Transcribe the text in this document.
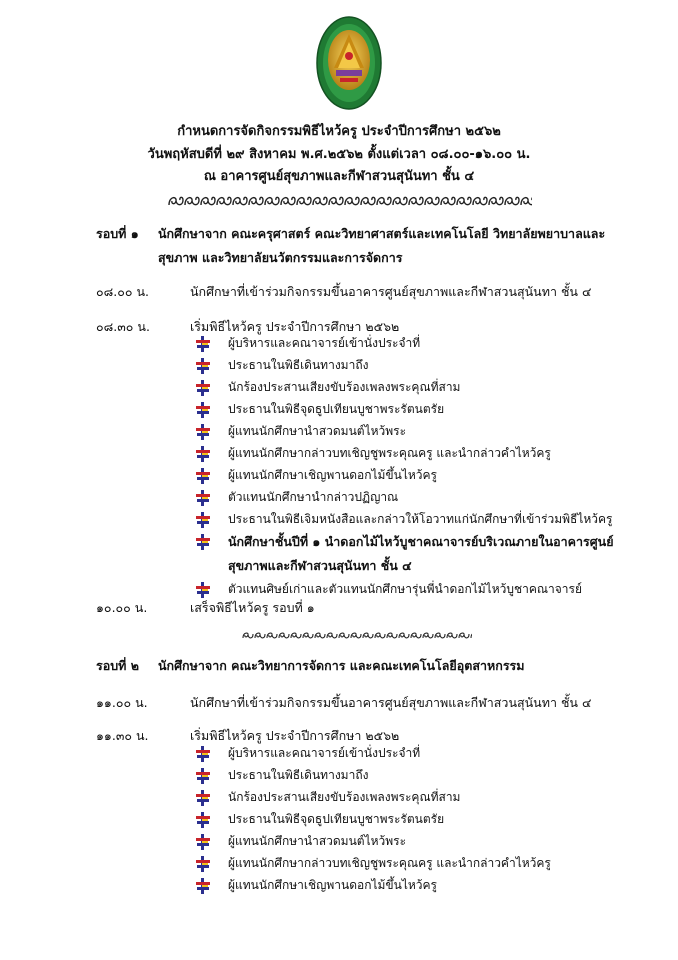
กำหนดการจัดกิจกรรมพิธีไหว้ครู ประจำปีการศึกษา ๒๕๖๒
วันพฤหัสบดีที่ ๒๙ สิงหาคม พ.ศ.๒๕๖๒ ตั้งแต่เวลา ๐๘.๐๐-๑๖.๐๐ น.
ณ อาคารศูนย์สุขภาพและกีฬาสวนสุนันทา ชั้น ๔
รอบที่ ๑ นักศึกษาจาก คณะครุศาสตร์ คณะวิทยาศาสตร์และเทคโนโลยี วิทยาลัยพยาบาลและสุขภาพ และวิทยาลัยนวัตกรรมและการจัดการ
๐๘.๐๐ น.	นักศึกษาที่เข้าร่วมกิจกรรมขึ้นอาคารศูนย์สุขภาพและกีฬาสวนสุนันทา ชั้น ๔
๐๘.๓๐ น.	เริ่มพิธีไหว้ครู ประจำปีการศึกษา ๒๕๖๒
ผู้บริหารและคณาจารย์เข้านั่งประจำที่
ประธานในพิธีเดินทางมาถึง
นักร้องประสานเสียงขับร้องเพลงพระคุณที่สาม
ประธานในพิธีจุดธูปเทียนบูชาพระรัตนตรัย
ผู้แทนนักศึกษานำสวดมนต์ไหว้พระ
ผู้แทนนักศึกษากล่าวบทเชิญชูพระคุณครู และนำกล่าวคำไหว้ครู
ผู้แทนนักศึกษาเชิญพานดอกไม้ขึ้นไหว้ครู
ตัวแทนนักศึกษานำกล่าวปฏิญาณ
ประธานในพิธีเจิมหนังสือและกล่าวให้โอวาทแก่นักศึกษาที่เข้าร่วมพิธีไหว้ครู
นักศึกษาชั้นปีที่ ๑ นำดอกไม้ไหว้บูชาคณาจารย์บริเวณภายในอาคารศูนย์สุขภาพและกีฬาสวนสุนันทา ชั้น ๔
ตัวแทนศิษย์เก่าและตัวแทนนักศึกษารุ่นพี่นำดอกไม้ไหว้บูชาคณาจารย์
๑๐.๐๐ น.	เสร็จพิธีไหว้ครู รอบที่ ๑
รอบที่ ๒ นักศึกษาจาก คณะวิทยาการจัดการ และคณะเทคโนโลยีอุตสาหกรรม
๑๑.๐๐ น.	นักศึกษาที่เข้าร่วมกิจกรรมขึ้นอาคารศูนย์สุขภาพและกีฬาสวนสุนันทา ชั้น ๔
๑๑.๓๐ น.	เริ่มพิธีไหว้ครู ประจำปีการศึกษา ๒๕๖๒
ผู้บริหารและคณาจารย์เข้านั่งประจำที่
ประธานในพิธีเดินทางมาถึง
นักร้องประสานเสียงขับร้องเพลงพระคุณที่สาม
ประธานในพิธีจุดธูปเทียนบูชาพระรัตนตรัย
ผู้แทนนักศึกษานำสวดมนต์ไหว้พระ
ผู้แทนนักศึกษากล่าวบทเชิญชูพระคุณครู และนำกล่าวคำไหว้ครู
ผู้แทนนักศึกษาเชิญพานดอกไม้ขึ้นไหว้ครู
